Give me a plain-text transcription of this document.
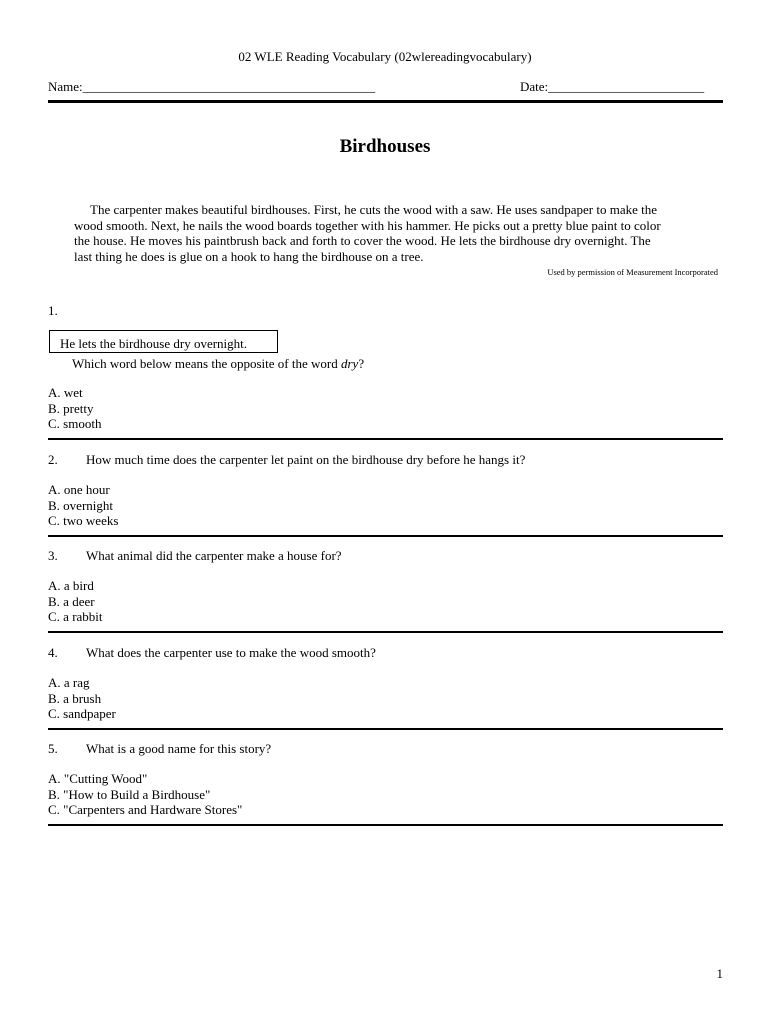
02 WLE Reading Vocabulary (02wlereadingvocabulary)
Name:_____________________________________________	Date:________________________
Birdhouses
The carpenter makes beautiful birdhouses. First, he cuts the wood with a saw. He uses sandpaper to make the
wood smooth. Next, he nails the wood boards together with his hammer. He picks out a pretty blue paint to color
the house. He moves his paintbrush back and forth to cover the wood. He lets the birdhouse dry overnight. The
last thing he does is glue on a hook to hang the birdhouse on a tree.
Used by permission of Measurement Incorporated
1.
He lets the birdhouse dry overnight.
Which word below means the opposite of the word dry?
A. wet
B. pretty
C. smooth
2. How much time does the carpenter let paint on the birdhouse dry before he hangs it?
A. one hour
B. overnight
C. two weeks
3. What animal did the carpenter make a house for?
A. a bird
B. a deer
C. a rabbit
4. What does the carpenter use to make the wood smooth?
A. a rag
B. a brush
C. sandpaper
5. What is a good name for this story?
A. "Cutting Wood"
B. "How to Build a Birdhouse"
C. "Carpenters and Hardware Stores"
1
